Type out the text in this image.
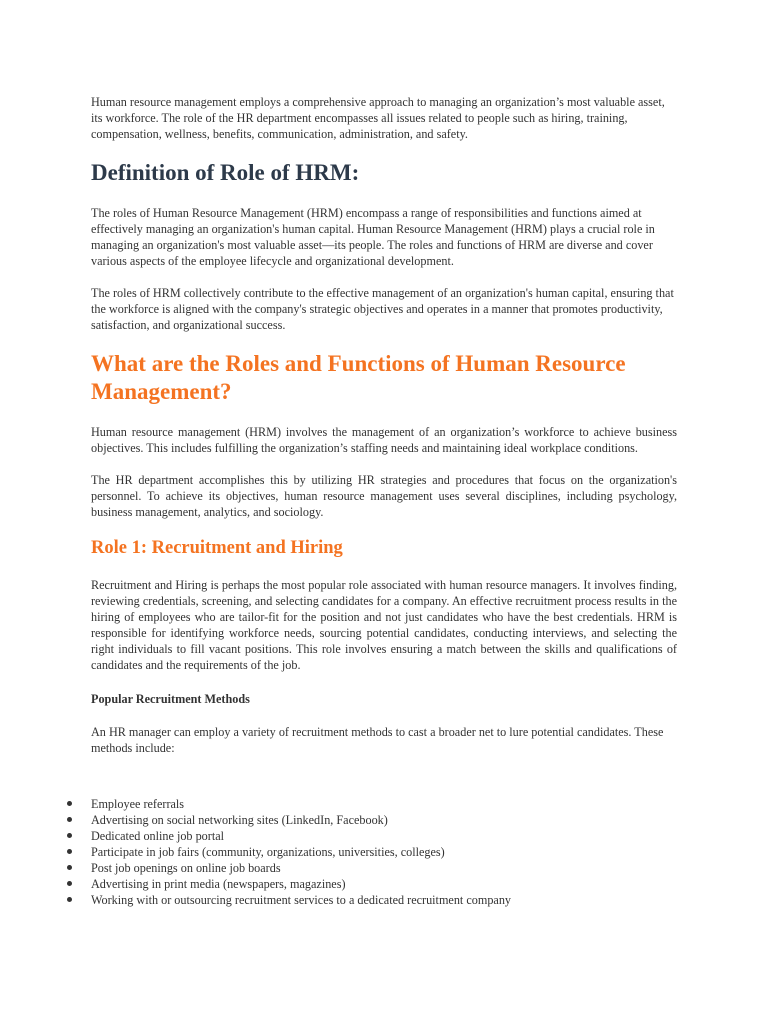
Human resource management employs a comprehensive approach to managing an organization’s most valuable asset, its workforce. The role of the HR department encompasses all issues related to people such as hiring, training, compensation, wellness, benefits, communication, administration, and safety.

Definition of Role of HRM:

The roles of Human Resource Management (HRM) encompass a range of responsibilities and functions aimed at effectively managing an organization's human capital. Human Resource Management (HRM) plays a crucial role in managing an organization's most valuable asset—its people. The roles and functions of HRM are diverse and cover various aspects of the employee lifecycle and organizational development.

The roles of HRM collectively contribute to the effective management of an organization's human capital, ensuring that the workforce is aligned with the company's strategic objectives and operates in a manner that promotes productivity, satisfaction, and organizational success.

What are the Roles and Functions of Human Resource Management?

Human resource management (HRM) involves the management of an organization’s workforce to achieve business objectives. This includes fulfilling the organization’s staffing needs and maintaining ideal workplace conditions.

The HR department accomplishes this by utilizing HR strategies and procedures that focus on the organization's personnel. To achieve its objectives, human resource management uses several disciplines, including psychology, business management, analytics, and sociology.

Role 1: Recruitment and Hiring

Recruitment and Hiring is perhaps the most popular role associated with human resource managers. It involves finding, reviewing credentials, screening, and selecting candidates for a company. An effective recruitment process results in the hiring of employees who are tailor-fit for the position and not just candidates who have the best credentials. HRM is responsible for identifying workforce needs, sourcing potential candidates, conducting interviews, and selecting the right individuals to fill vacant positions. This role involves ensuring a match between the skills and qualifications of candidates and the requirements of the job.

Popular Recruitment Methods

An HR manager can employ a variety of recruitment methods to cast a broader net to lure potential candidates. These methods include:

Employee referrals
Advertising on social networking sites (LinkedIn, Facebook)
Dedicated online job portal
Participate in job fairs (community, organizations, universities, colleges)
Post job openings on online job boards
Advertising in print media (newspapers, magazines)
Working with or outsourcing recruitment services to a dedicated recruitment company
